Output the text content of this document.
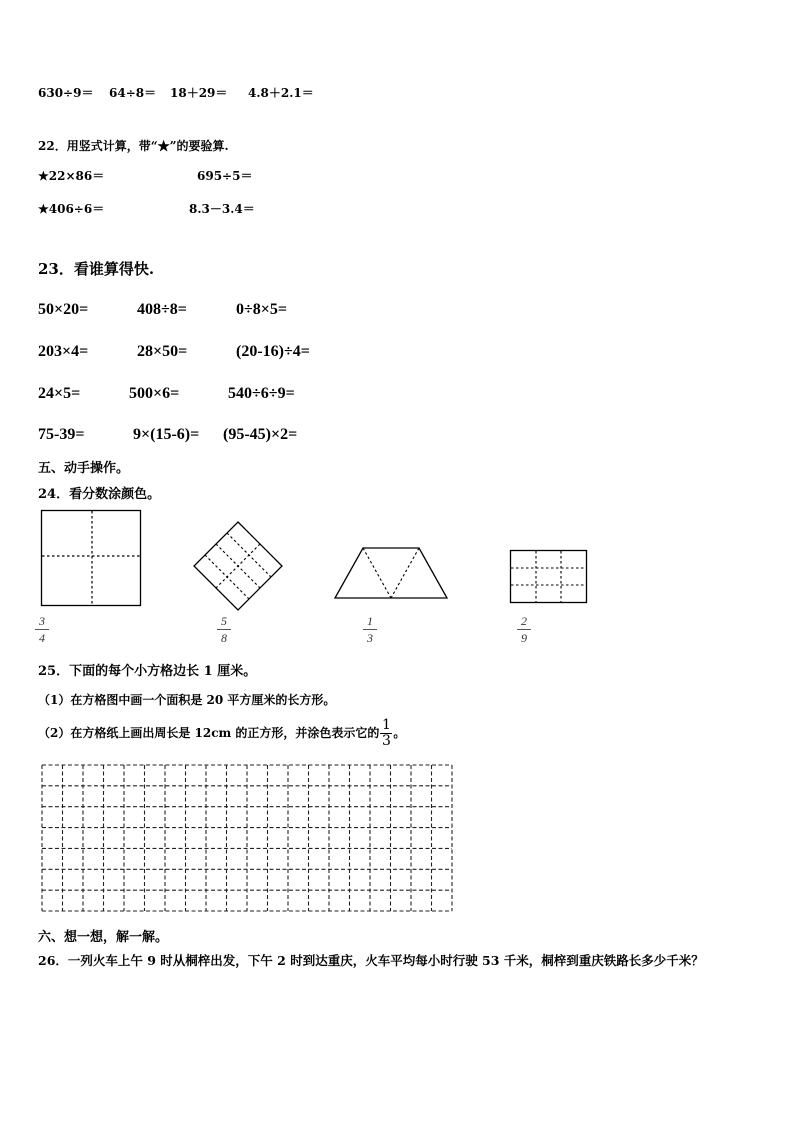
630÷9＝ 64÷8＝ 18＋29＝ 4.8＋2.1＝
22．用竖式计算，带“★”的要验算.
★22×86＝	695÷5＝
★406÷6＝	8.3－3.4＝
23．看谁算得快.
50×20=	408÷8=	0÷8×5=
203×4=	28×50=	(20-16)÷4=
24×5=	500×6=	540÷6÷9=
75-39=	9×(15-6)= (95-45)×2=
五、动手操作。
24．看分数涂颜色。
3
4
5
8
1
3
2
9
25．下面的每个小方格边长 1 厘米。
（1）在方格图中画一个面积是 20 平方厘米的长方形。
（2）在方格纸上画出周长是 12cm 的正方形，并涂色表示它的$\frac{1}{3}$。
六、想一想，解一解。
26．一列火车上午 9 时从桐梓出发，下午 2 时到达重庆，火车平均每小时行驶 53 千米，桐梓到重庆铁路长多少千米？
